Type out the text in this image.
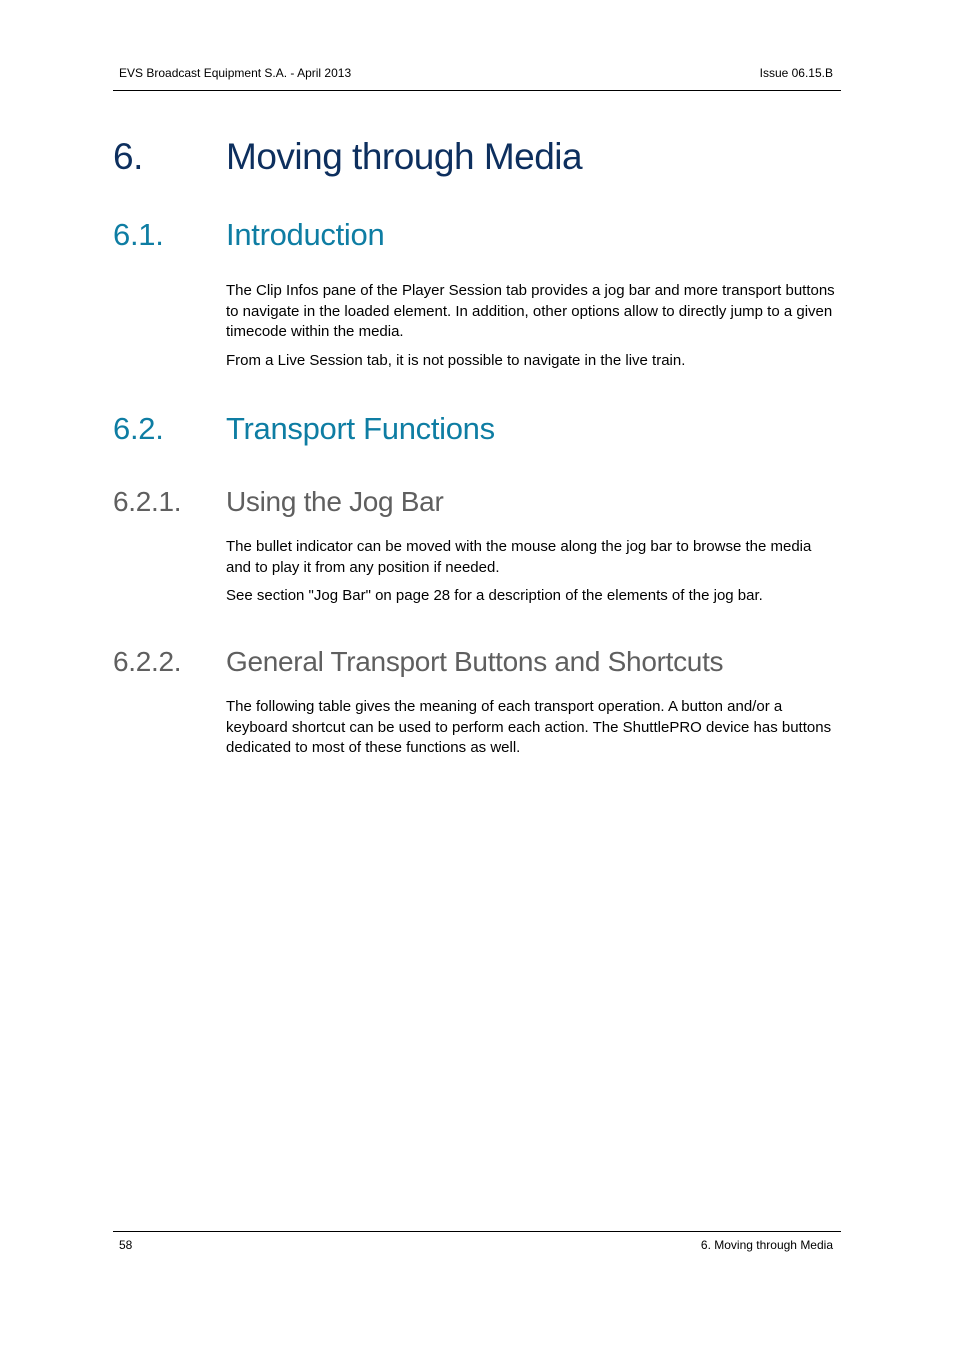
EVS Broadcast Equipment S.A. - April 2013	Issue 06.15.B
6. Moving through Media
6.1. Introduction
The Clip Infos pane of the Player Session tab provides a jog bar and more transport buttons to navigate in the loaded element. In addition, other options allow to directly jump to a given timecode within the media.
From a Live Session tab, it is not possible to navigate in the live train.
6.2. Transport Functions
6.2.1. Using the Jog Bar
The bullet indicator can be moved with the mouse along the jog bar to browse the media and to play it from any position if needed.
See section "Jog Bar" on page 28 for a description of the elements of the jog bar.
6.2.2. General Transport Buttons and Shortcuts
The following table gives the meaning of each transport operation. A button and/or a keyboard shortcut can be used to perform each action. The ShuttlePRO device has buttons dedicated to most of these functions as well.
58	6. Moving through Media
